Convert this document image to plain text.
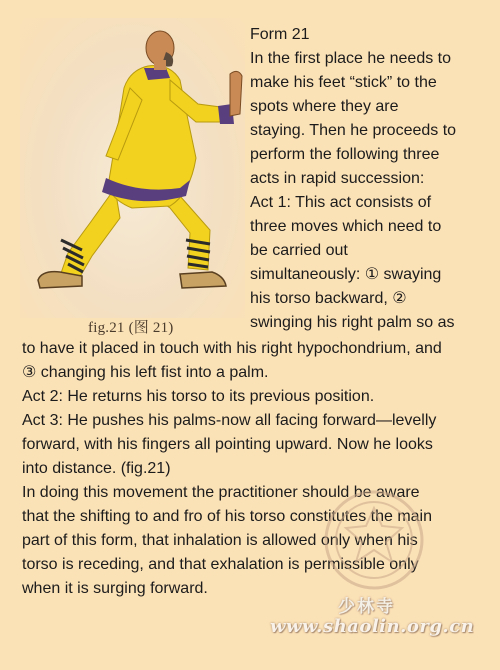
fig.21 (图 21)
Form 21
In the first place he needs to
make his feet “stick” to the
spots where they are
staying. Then he proceeds to
perform the following three
acts in rapid succession:
Act 1: This act consists of
three moves which need to
be carried out
simultaneously: ① swaying
his torso backward, ②
swinging his right palm so as
to have it placed in touch with his right hypochondrium, and
③ changing his left fist into a palm.
Act 2: He returns his torso to its previous position.
Act 3: He pushes his palms-now all facing forward—levelly
forward, with his fingers all pointing upward. Now he looks
into distance. (fig.21)
In doing this movement the practitioner should be aware
that the shifting to and fro of his torso constitutes the main
part of this form, that inhalation is allowed only when his
torso is receding, and that exhalation is permissible only
when it is surging forward.
少林寺
www.shaolin.org.cn
